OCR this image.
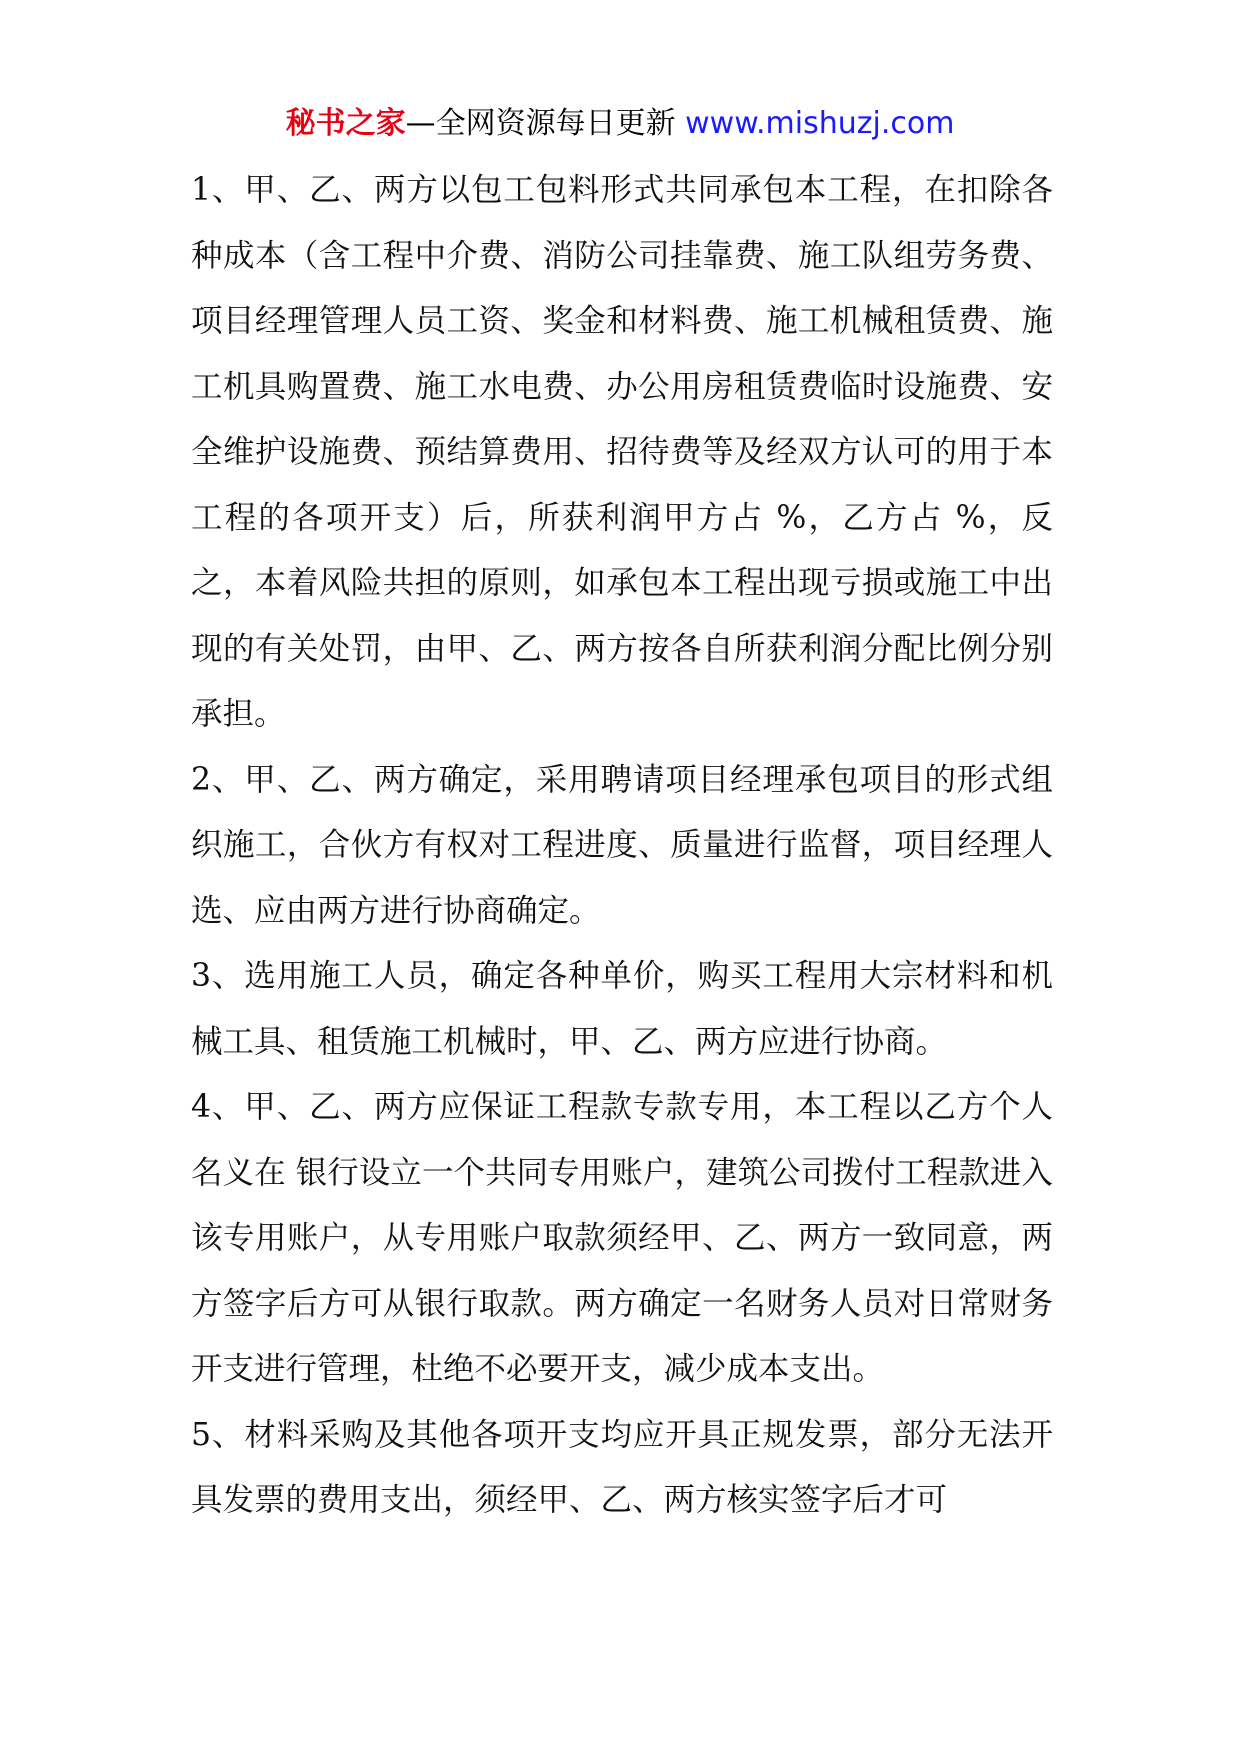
秘书之家—全网资源每日更新 www.mishuzj.com

1、甲、乙、两方以包工包料形式共同承包本工程，在扣除各种成本（含工程中介费、消防公司挂靠费、施工队组劳务费、项目经理管理人员工资、奖金和材料费、施工机械租赁费、施工机具购置费、施工水电费、办公用房租赁费临时设施费、安全维护设施费、预结算费用、招待费等及经双方认可的用于本工程的各项开支）后，所获利润甲方占 %，乙方占 %，反之，本着风险共担的原则，如承包本工程出现亏损或施工中出现的有关处罚，由甲、乙、两方按各自所获利润分配比例分别承担。

2、甲、乙、两方确定，采用聘请项目经理承包项目的形式组织施工，合伙方有权对工程进度、质量进行监督，项目经理人选、应由两方进行协商确定。

3、选用施工人员，确定各种单价，购买工程用大宗材料和机械工具、租赁施工机械时，甲、乙、两方应进行协商。

4、甲、乙、两方应保证工程款专款专用，本工程以乙方个人名义在 银行设立一个共同专用账户，建筑公司拨付工程款进入该专用账户，从专用账户取款须经甲、乙、两方一致同意，两方签字后方可从银行取款。两方确定一名财务人员对日常财务开支进行管理，杜绝不必要开支，减少成本支出。

5、材料采购及其他各项开支均应开具正规发票，部分无法开具发票的费用支出，须经甲、乙、两方核实签字后才可
